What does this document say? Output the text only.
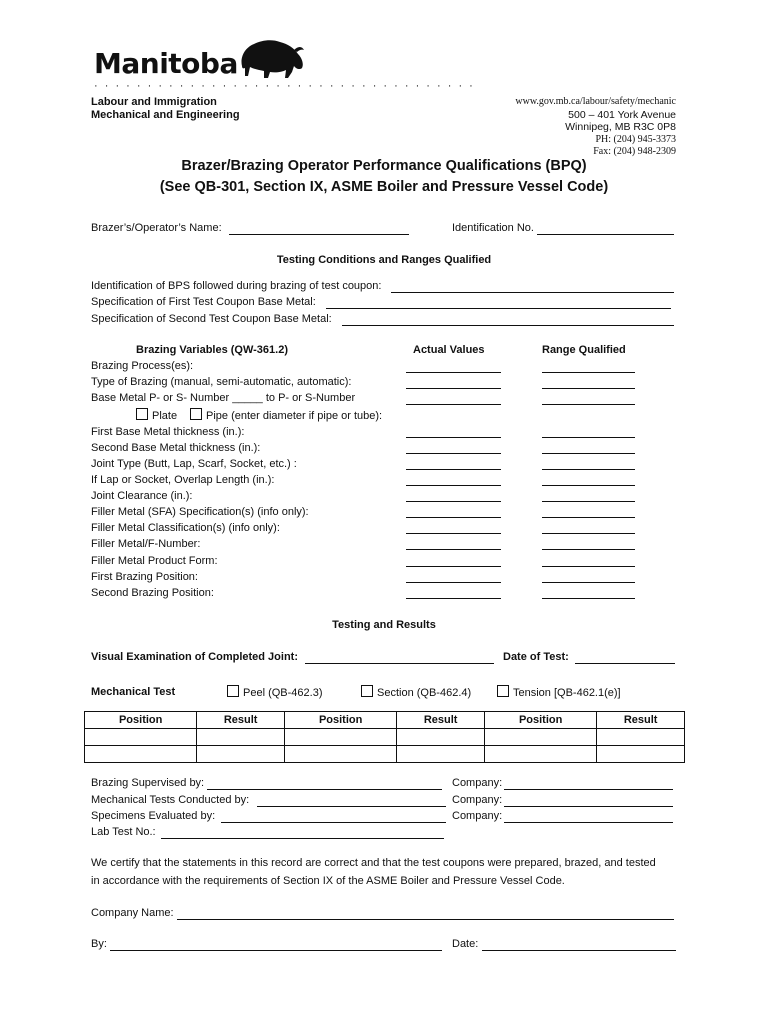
Manitoba
· · · · · · · · · · · · · · · · · · · · · · · · · · · · · · · · · · · ·
Labour and Immigration
Mechanical and Engineering
www.gov.mb.ca/labour/safety/mechanic
500 – 401 York Avenue
Winnipeg, MB R3C 0P8
PH: (204) 945-3373
Fax: (204) 948-2309
Brazer/Brazing Operator Performance Qualifications (BPQ)
(See QB-301, Section IX, ASME Boiler and Pressure Vessel Code)
Brazer’s/Operator’s Name:	Identification No.
Testing Conditions and Ranges Qualified
Identification of BPS followed during brazing of test coupon:
Specification of First Test Coupon Base Metal:
Specification of Second Test Coupon Base Metal:
Brazing Variables (QW-361.2)	Actual Values	Range Qualified
Brazing Process(es):
Type of Brazing (manual, semi-automatic, automatic):
Base Metal P- or S- Number _____ to P- or S-Number
Plate	Pipe (enter diameter if pipe or tube):
First Base Metal thickness (in.):
Second Base Metal thickness (in.):
Joint Type (Butt, Lap, Scarf, Socket, etc.) :
If Lap or Socket, Overlap Length (in.):
Joint Clearance (in.):
Filler Metal (SFA) Specification(s) (info only):
Filler Metal Classification(s) (info only):
Filler Metal/F-Number:
Filler Metal Product Form:
First Brazing Position:
Second Brazing Position:
Testing and Results
Visual Examination of Completed Joint:	Date of Test:
Mechanical Test	Peel (QB-462.3)	Section (QB-462.4)	Tension [QB-462.1(e)]
Position	Result	Position	Result	Position	Result

Brazing Supervised by:	Company:
Mechanical Tests Conducted by:	Company:
Specimens Evaluated by:	Company:
Lab Test No.:
We certify that the statements in this record are correct and that the test coupons were prepared, brazed, and tested
in accordance with the requirements of Section IX of the ASME Boiler and Pressure Vessel Code.
Company Name:
By:	Date:
